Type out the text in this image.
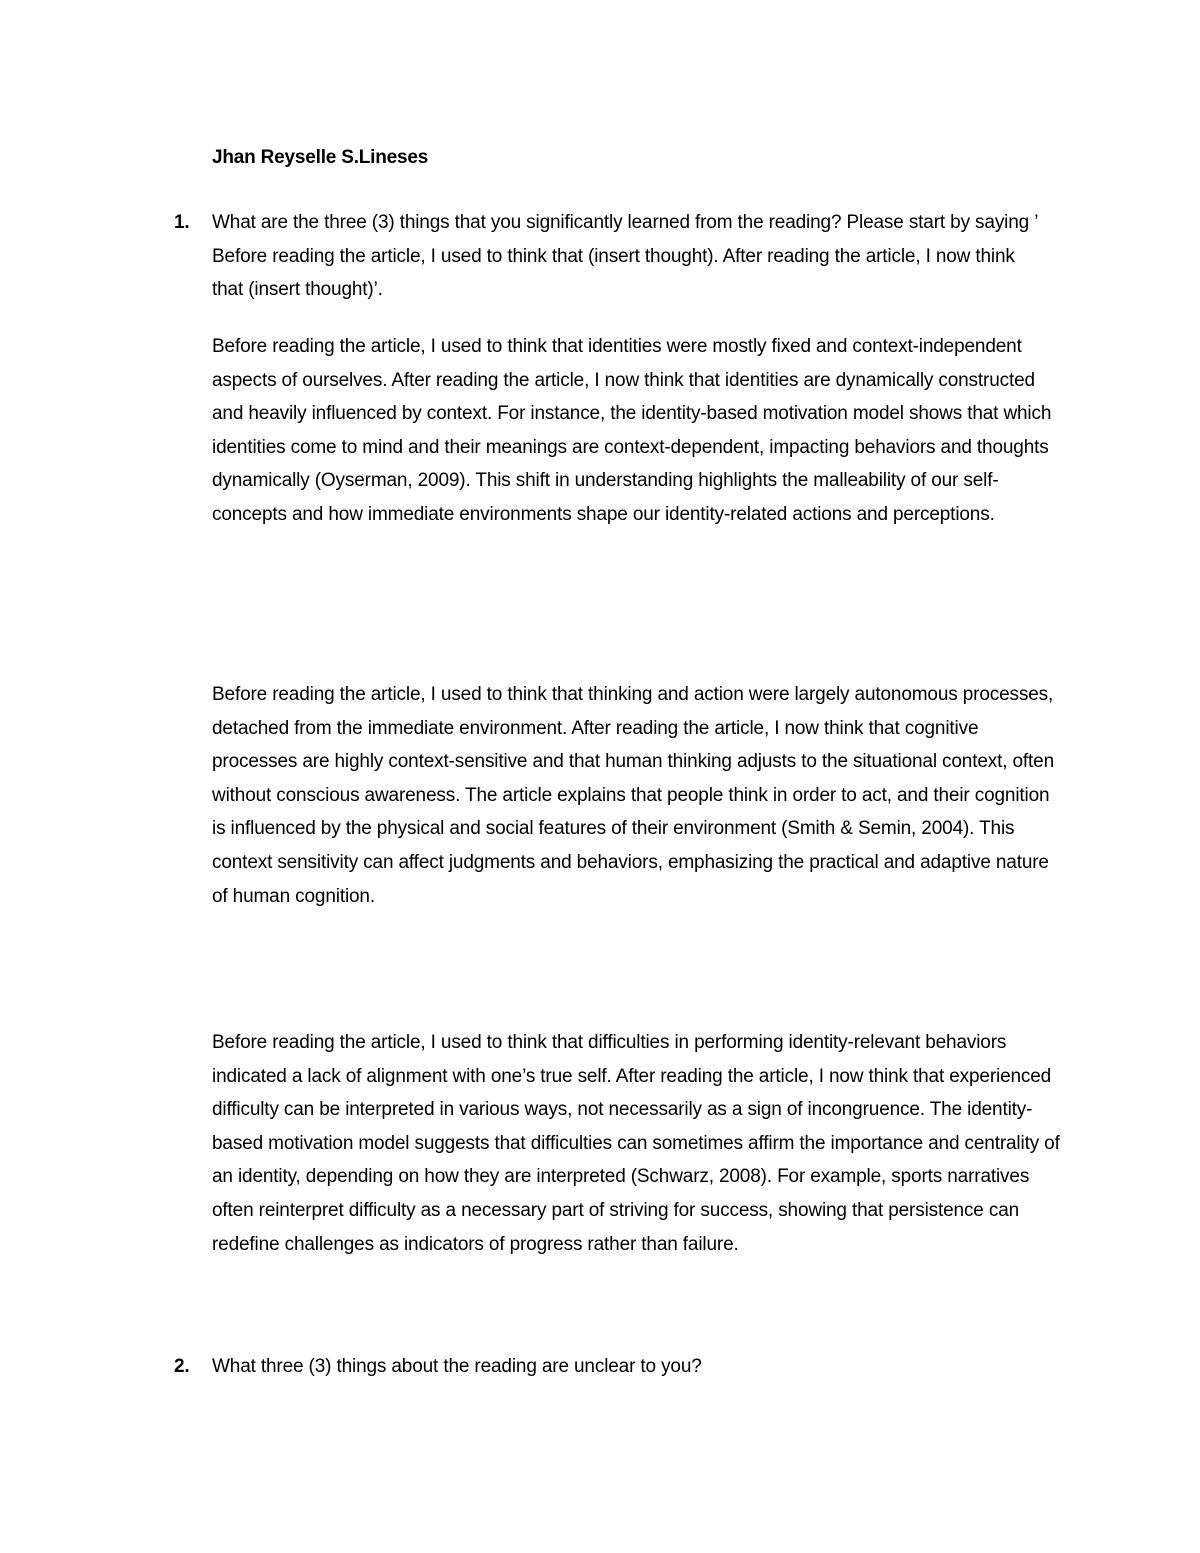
Jhan Reyselle S.Lineses
1. What are the three (3) things that you significantly learned from the reading? Please start by saying ’ Before reading the article, I used to think that (insert thought). After reading the article, I now think that (insert thought)’.

Before reading the article, I used to think that identities were mostly fixed and context-independent aspects of ourselves. After reading the article, I now think that identities are dynamically constructed and heavily influenced by context. For instance, the identity-based motivation model shows that which identities come to mind and their meanings are context-dependent, impacting behaviors and thoughts dynamically (Oyserman, 2009). This shift in understanding highlights the malleability of our self-concepts and how immediate environments shape our identity-related actions and perceptions.

Before reading the article, I used to think that thinking and action were largely autonomous processes, detached from the immediate environment. After reading the article, I now think that cognitive processes are highly context-sensitive and that human thinking adjusts to the situational context, often without conscious awareness. The article explains that people think in order to act, and their cognition is influenced by the physical and social features of their environment (Smith & Semin, 2004). This context sensitivity can affect judgments and behaviors, emphasizing the practical and adaptive nature of human cognition.

Before reading the article, I used to think that difficulties in performing identity-relevant behaviors indicated a lack of alignment with one’s true self. After reading the article, I now think that experienced difficulty can be interpreted in various ways, not necessarily as a sign of incongruence. The identity-based motivation model suggests that difficulties can sometimes affirm the importance and centrality of an identity, depending on how they are interpreted (Schwarz, 2008). For example, sports narratives often reinterpret difficulty as a necessary part of striving for success, showing that persistence can redefine challenges as indicators of progress rather than failure.

2. What three (3) things about the reading are unclear to you?
